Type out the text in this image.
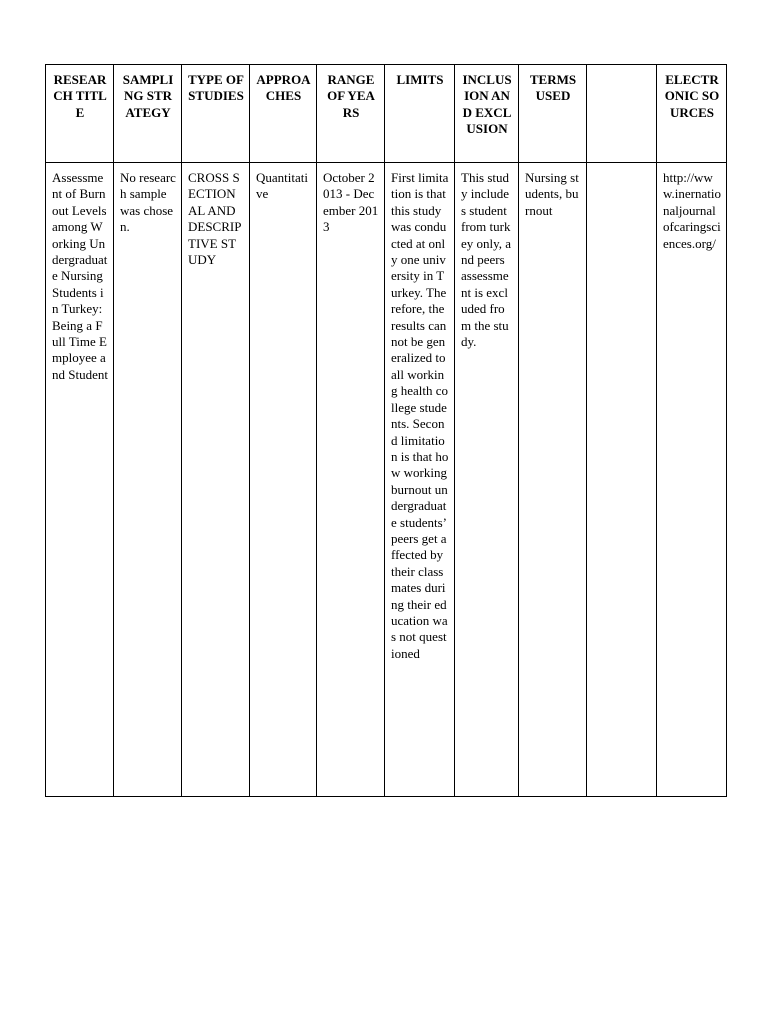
RESEARCH TITLE	SAMPLING STRATEGY	TYPE OF STUDIES	APPROACHES	RANGE OF YEARS	LIMITS	INCLUSION AND EXCLUSION	TERMS USED		ELECTRONIC SOURCES
Assessment of Burnout Levels among Working Undergraduate Nursing Students in Turkey: Being a Full Time Employee and Student	No research sample was chosen.	CROSS SECTIONAL AND DESCRIPTIVE STUDY	Quantitative	October 2013 - December 2013	First limitation is that this study was conducted at only one university in Turkey. Therefore, the results cannot be generalized to all working health college students. Second limitation is that how working burnout undergraduate students’ peers get affected by their classmates during their education was not questioned	This study includes student from turkey only, and peers assessment is excluded from the study.	Nursing students, burnout		http://www.inernationaljournalofcaringsciences.org/
